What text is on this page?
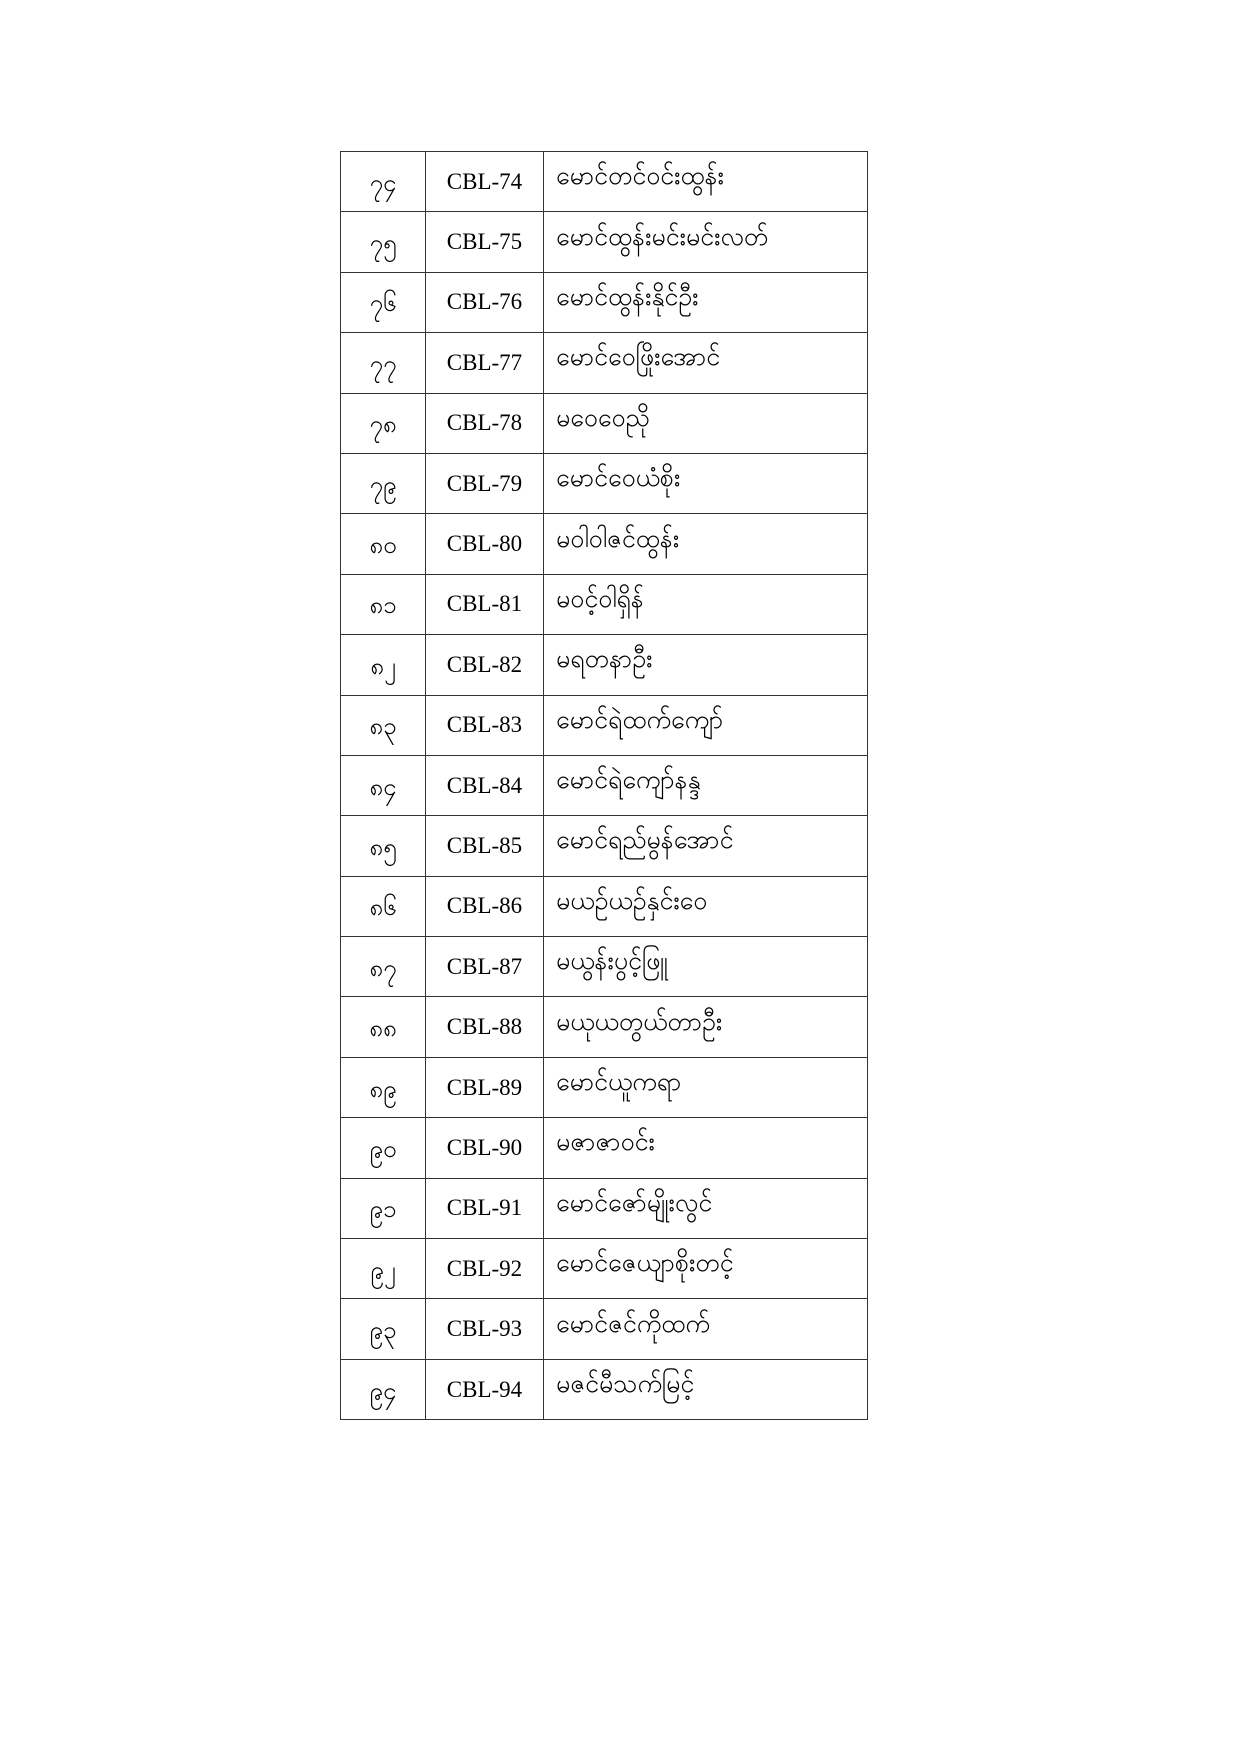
၇၄	CBL-74	မောင်တင်ဝင်းထွန်း
၇၅	CBL-75	မောင်ထွန်းမင်းမင်းလတ်
၇၆	CBL-76	မောင်ထွန်းနိုင်ဦး
၇၇	CBL-77	မောင်ဝေဖြိုးအောင်
၇၈	CBL-78	မဝေဝေညို
၇၉	CBL-79	မောင်ဝေယံစိုး
၈၀	CBL-80	မဝါဝါဇင်ထွန်း
၈၁	CBL-81	မဝင့်ဝါရှိန်
၈၂	CBL-82	မရတနာဦး
၈၃	CBL-83	မောင်ရဲထက်ကျော်
၈၄	CBL-84	မောင်ရဲကျော်နန္ဒ
၈၅	CBL-85	မောင်ရည်မွန်အောင်
၈၆	CBL-86	မယဉ်ယဉ်နှင်းဝေ
၈၇	CBL-87	မယွန်းပွင့်ဖြူ
၈၈	CBL-88	မယုယတွယ်တာဦး
၈၉	CBL-89	မောင်ယူကရာ
၉၀	CBL-90	မဇာဇာဝင်း
၉၁	CBL-91	မောင်ဇော်မျိုးလွင်
၉၂	CBL-92	မောင်ဇေယျာစိုးတင့်
၉၃	CBL-93	မောင်ဇင်ကိုထက်
၉၄	CBL-94	မဇင်မီသက်မြင့်
